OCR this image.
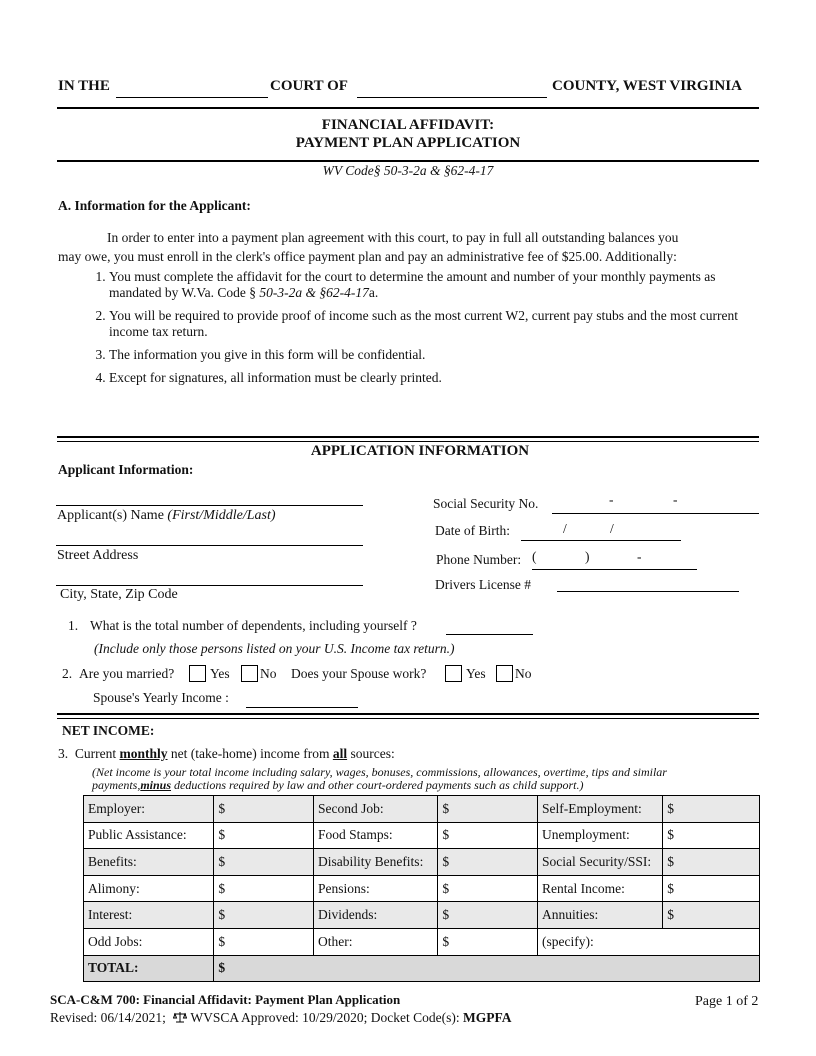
IN THE	COURT OF	COUNTY, WEST VIRGINIA
FINANCIAL AFFIDAVIT:
PAYMENT PLAN APPLICATION
WV Code§ 50-3-2a & §62-4-17
A. Information for the Applicant:
In order to enter into a payment plan agreement with this court, to pay in full all outstanding balances you
may owe, you must enroll in the clerk's office payment plan and pay an administrative fee of $25.00. Additionally:
1. You must complete the affidavit for the court to determine the amount and number of your monthly payments as mandated by W.Va. Code § 50-3-2a & §62-4-17a.
2. You will be required to provide proof of income such as the most current W2, current pay stubs and the most current income tax return.
3. The information you give in this form will be confidential.
4. Except for signatures, all information must be clearly printed.
APPLICATION INFORMATION
Applicant Information:
Applicant(s) Name (First/Middle/Last)
Street Address
City, State, Zip Code
Social Security No.	-	-
Date of Birth:	/	/
Phone Number: (	)	-
Drivers License #
1. What is the total number of dependents, including yourself ?
(Include only those persons listed on your U.S. Income tax return.)
2. Are you married?	Yes No Does your Spouse work?	Yes No
Spouse's Yearly Income :
NET INCOME:
3. Current monthly net (take-home) income from all sources:
(Net income is your total income including salary, wages, bonuses, commissions, allowances, overtime, tips and similar
payments,minus deductions required by law and other court-ordered payments such as child support.)
Employer:	$	Second Job:	$	Self-Employment:	$
Public Assistance:	$	Food Stamps:	$	Unemployment:	$
Benefits:	$	Disability Benefits:	$	Social Security/SSI:	$
Alimony:	$	Pensions:	$	Rental Income:	$
Interest:	$	Dividends:	$	Annuities:	$
Odd Jobs:	$	Other:	$	(specify):	
TOTAL:	$				
SCA-C&M 700: Financial Affidavit: Payment Plan Application	Page 1 of 2
Revised: 06/14/2021;  WVSCA Approved: 10/29/2020; Docket Code(s): MGPFA
